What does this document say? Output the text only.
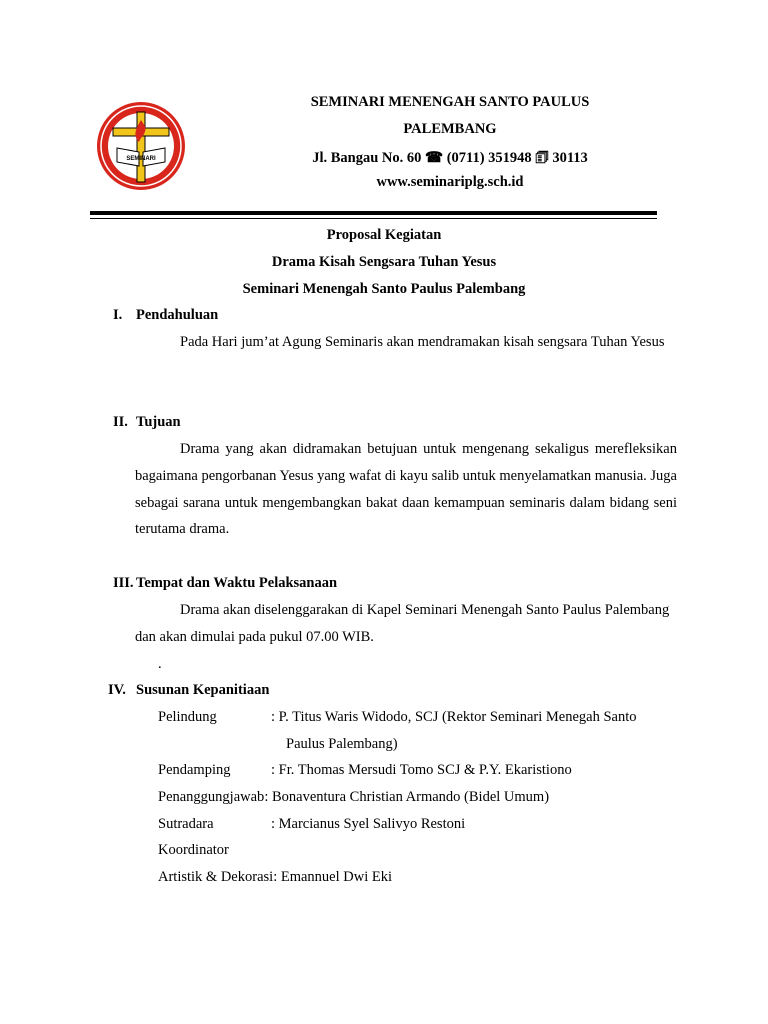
SEMINARI
SEMINARI MENENGAH SANTO PAULUS
PALEMBANG
Jl. Bangau No. 60 ☎ (0711) 351948 🗊 30113
www.seminariplg.sch.id
Proposal Kegiatan
Drama Kisah Sengsara Tuhan Yesus
Seminari Menengah Santo Paulus Palembang
I. Pendahuluan
Pada Hari jum’at Agung Seminaris akan mendramakan kisah sengsara Tuhan Yesus
II. Tujuan
Drama yang akan didramakan betujuan untuk mengenang sekaligus merefleksikan bagaimana pengorbanan Yesus yang wafat di kayu salib untuk menyelamatkan manusia. Juga sebagai sarana untuk mengembangkan bakat daan kemampuan seminaris dalam bidang seni terutama drama.
III. Tempat dan Waktu Pelaksanaan
Drama akan diselenggarakan di Kapel Seminari Menengah Santo Paulus Palembang dan akan dimulai pada pukul 07.00 WIB.
.
IV. Susunan Kepanitiaan
Pelindung	: P. Titus Waris Widodo, SCJ (Rektor Seminari Menegah Santo
Paulus Palembang)
Pendamping	: Fr. Thomas Mersudi Tomo SCJ & P.Y. Ekaristiono
Penanggungjawab: Bonaventura Christian Armando (Bidel Umum)
Sutradara	: Marcianus Syel Salivyo Restoni
Koordinator
Artistik & Dekorasi: Emannuel Dwi Eki
